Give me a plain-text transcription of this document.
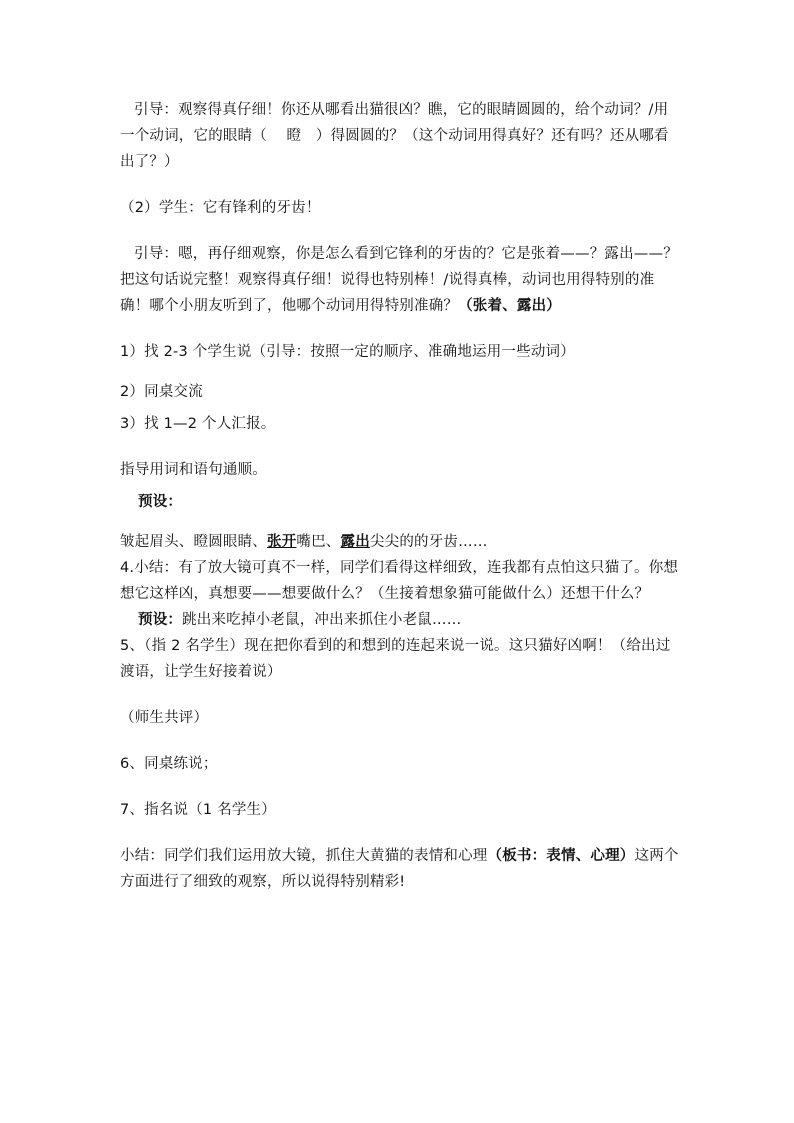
引导：观察得真仔细！你还从哪看出猫很凶？瞧，它的眼睛圆圆的，给个动词？/用一个动词，它的眼睛（　 瞪　）得圆圆的？（这个动词用得真好？还有吗？还从哪看出了？）

（2）学生：它有锋利的牙齿！

引导：嗯，再仔细观察，你是怎么看到它锋利的牙齿的？它是张着——？露出——？把这句话说完整！观察得真仔细！说得也特别棒！/说得真棒，动词也用得特别的准确！哪个小朋友听到了，他哪个动词用得特别准确？（张着、露出）

1）找 2-3 个学生说（引导：按照一定的顺序、准确地运用一些动词）

2）同桌交流

3）找 1—2 个人汇报。

指导用词和语句通顺。

预设：

皱起眉头、瞪圆眼睛、张开嘴巴、露出尖尖的的牙齿……

4.小结：有了放大镜可真不一样，同学们看得这样细致，连我都有点怕这只猫了。你想想它这样凶，真想要——想要做什么？（生接着想象猫可能做什么）还想干什么？

预设：跳出来吃掉小老鼠，冲出来抓住小老鼠……

5、（指 2 名学生）现在把你看到的和想到的连起来说一说。这只猫好凶啊！（给出过渡语，让学生好接着说）

（师生共评）

6、同桌练说；

7、指名说（1 名学生）

小结：同学们我们运用放大镜，抓住大黄猫的表情和心理（板书：表情、心理）这两个方面进行了细致的观察，所以说得特别精彩!
